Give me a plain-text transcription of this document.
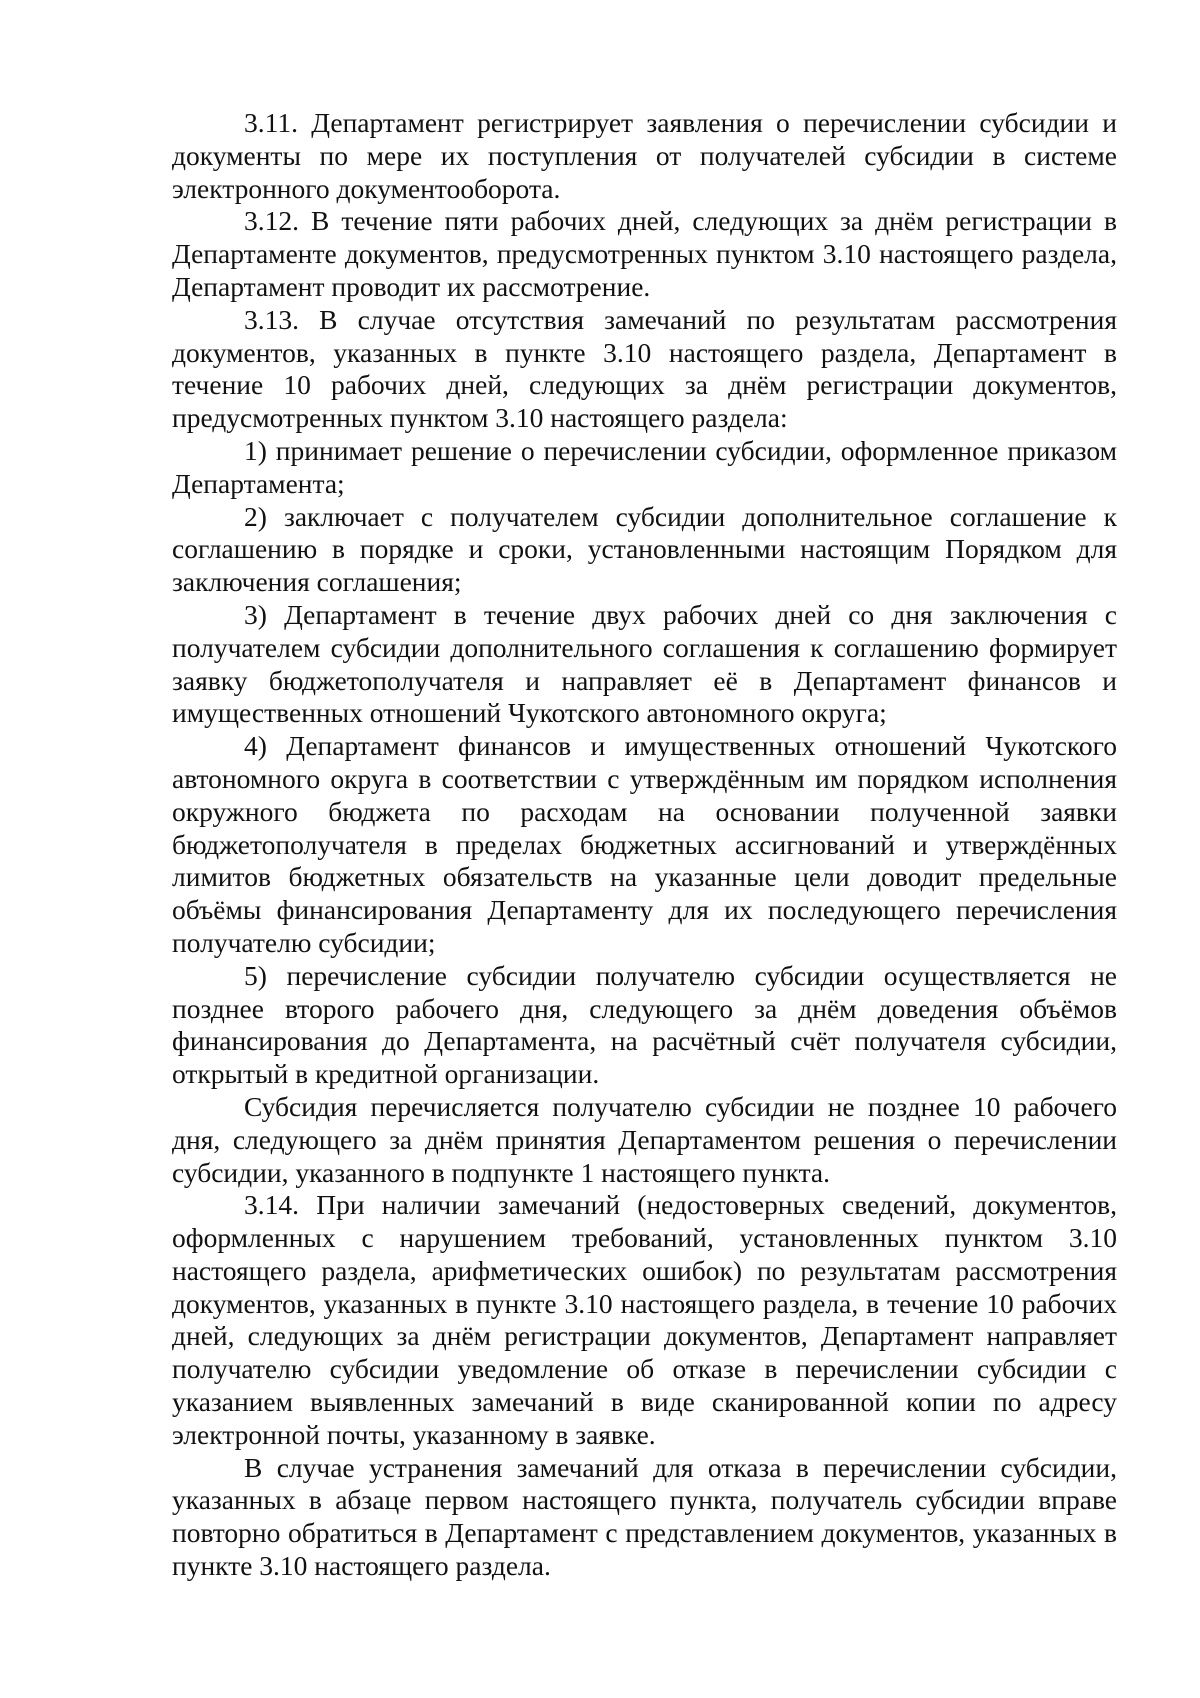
3.11. Департамент регистрирует заявления о перечислении субсидии и документы по мере их поступления от получателей субсидии в системе электронного документооборота.

3.12. В течение пяти рабочих дней, следующих за днём регистрации в Департаменте документов, предусмотренных пунктом 3.10 настоящего раздела, Департамент проводит их рассмотрение.

3.13. В случае отсутствия замечаний по результатам рассмотрения документов, указанных в пункте 3.10 настоящего раздела, Департамент в течение 10 рабочих дней, следующих за днём регистрации документов, предусмотренных пунктом 3.10 настоящего раздела:

1) принимает решение о перечислении субсидии, оформленное приказом Департамента;

2) заключает с получателем субсидии дополнительное соглашение к соглашению в порядке и сроки, установленными настоящим Порядком для заключения соглашения;

3) Департамент в течение двух рабочих дней со дня заключения с получателем субсидии дополнительного соглашения к соглашению формирует заявку бюджетополучателя и направляет её в Департамент финансов и имущественных отношений Чукотского автономного округа;

4) Департамент финансов и имущественных отношений Чукотского автономного округа в соответствии с утверждённым им порядком исполнения окружного бюджета по расходам на основании полученной заявки бюджетополучателя в пределах бюджетных ассигнований и утверждённых лимитов бюджетных обязательств на указанные цели доводит предельные объёмы финансирования Департаменту для их последующего перечисления получателю субсидии;

5) перечисление субсидии получателю субсидии осуществляется не позднее второго рабочего дня, следующего за днём доведения объёмов финансирования до Департамента, на расчётный счёт получателя субсидии, открытый в кредитной организации.

Субсидия перечисляется получателю субсидии не позднее 10 рабочего дня, следующего за днём принятия Департаментом решения о перечислении субсидии, указанного в подпункте 1 настоящего пункта.

3.14. При наличии замечаний (недостоверных сведений, документов, оформленных с нарушением требований, установленных пунктом 3.10 настоящего раздела, арифметических ошибок) по результатам рассмотрения документов, указанных в пункте 3.10 настоящего раздела, в течение 10 рабочих дней, следующих за днём регистрации документов, Департамент направляет получателю субсидии уведомление об отказе в перечислении субсидии с указанием выявленных замечаний в виде сканированной копии по адресу электронной почты, указанному в заявке.

В случае устранения замечаний для отказа в перечислении субсидии, указанных в абзаце первом настоящего пункта, получатель субсидии вправе повторно обратиться в Департамент с представлением документов, указанных в пункте 3.10 настоящего раздела.
